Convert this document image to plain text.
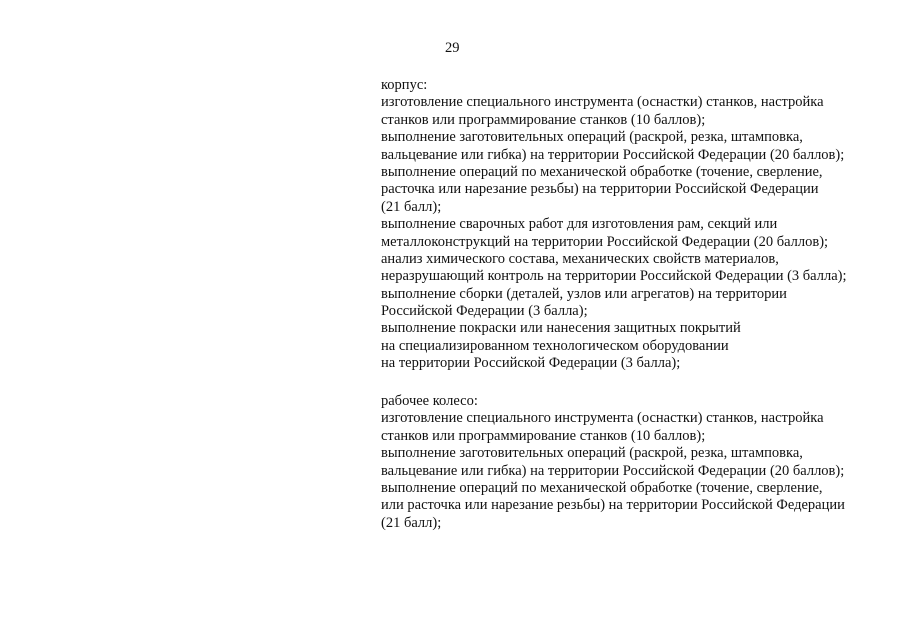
29
корпус:
изготовление специального инструмента (оснастки) станков, настройка
станков или программирование станков (10 баллов);
выполнение заготовительных операций (раскрой, резка, штамповка,
вальцевание или гибка) на территории Российской Федерации (20 баллов);
выполнение операций по механической обработке (точение, сверление,
расточка или нарезание резьбы) на территории Российской Федерации
(21 балл);
выполнение сварочных работ для изготовления рам, секций или
металлоконструкций на территории Российской Федерации (20 баллов);
анализ химического состава, механических свойств материалов,
неразрушающий контроль на территории Российской Федерации (3 балла);
выполнение сборки (деталей, узлов или агрегатов) на территории
Российской Федерации (3 балла);
выполнение покраски или нанесения защитных покрытий
на специализированном технологическом оборудовании
на территории Российской Федерации (3 балла);
рабочее колесо:
изготовление специального инструмента (оснастки) станков, настройка
станков или программирование станков (10 баллов);
выполнение заготовительных операций (раскрой, резка, штамповка,
вальцевание или гибка) на территории Российской Федерации (20 баллов);
выполнение операций по механической обработке (точение, сверление,
или расточка или нарезание резьбы) на территории Российской Федерации
(21 балл);
